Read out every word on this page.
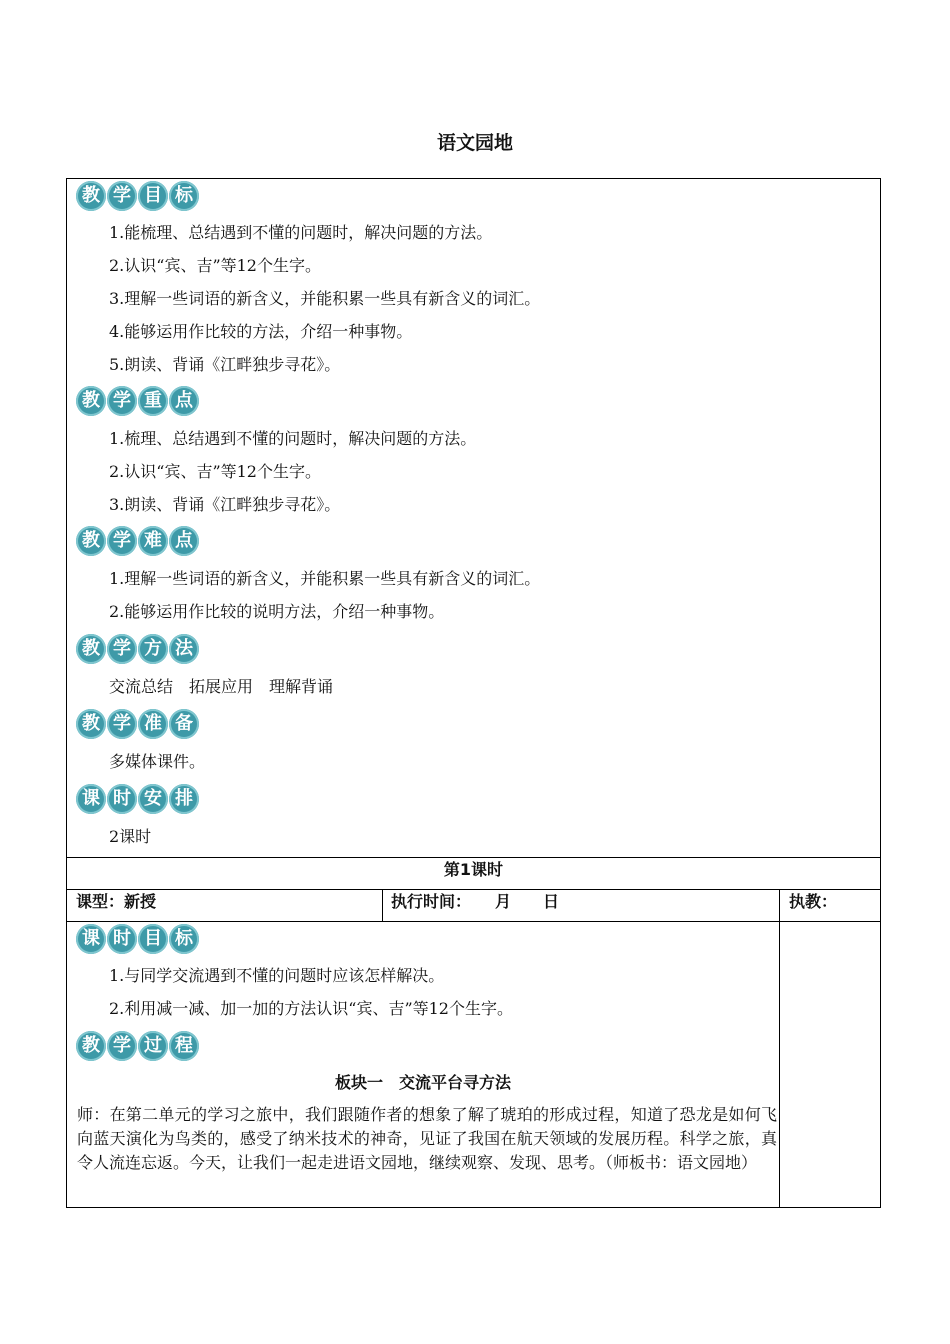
语文园地
教 学 目 标
1.能梳理、总结遇到不懂的问题时，解决问题的方法。
2.认识“宾、吉”等12个生字。
3.理解一些词语的新含义，并能积累一些具有新含义的词汇。
4.能够运用作比较的方法，介绍一种事物。
5.朗读、背诵《江畔独步寻花》。
教 学 重 点
1.梳理、总结遇到不懂的问题时，解决问题的方法。
2.认识“宾、吉”等12个生字。
3.朗读、背诵《江畔独步寻花》。
教 学 难 点
1.理解一些词语的新含义，并能积累一些具有新含义的词汇。
2.能够运用作比较的说明方法，介绍一种事物。
教 学 方 法
交流总结　拓展应用　理解背诵
教 学 准 备
多媒体课件。
课 时 安 排
2课时
第1课时
课型：新授	执行时间：　　月　　日	执教：
课 时 目 标
1.与同学交流遇到不懂的问题时应该怎样解决。
2.利用减一减、加一加的方法认识“宾、吉”等12个生字。
教 学 过 程
板块一　交流平台寻方法
师：在第二单元的学习之旅中，我们跟随作者的想象了解了琥珀的形成过程，知道了恐龙是如何飞向蓝天演化为鸟类的，感受了纳米技术的神奇，见证了我国在航天领域的发展历程。科学之旅，真令人流连忘返。今天，让我们一起走进语文园地，继续观察、发现、思考。（师板书：语文园地）
